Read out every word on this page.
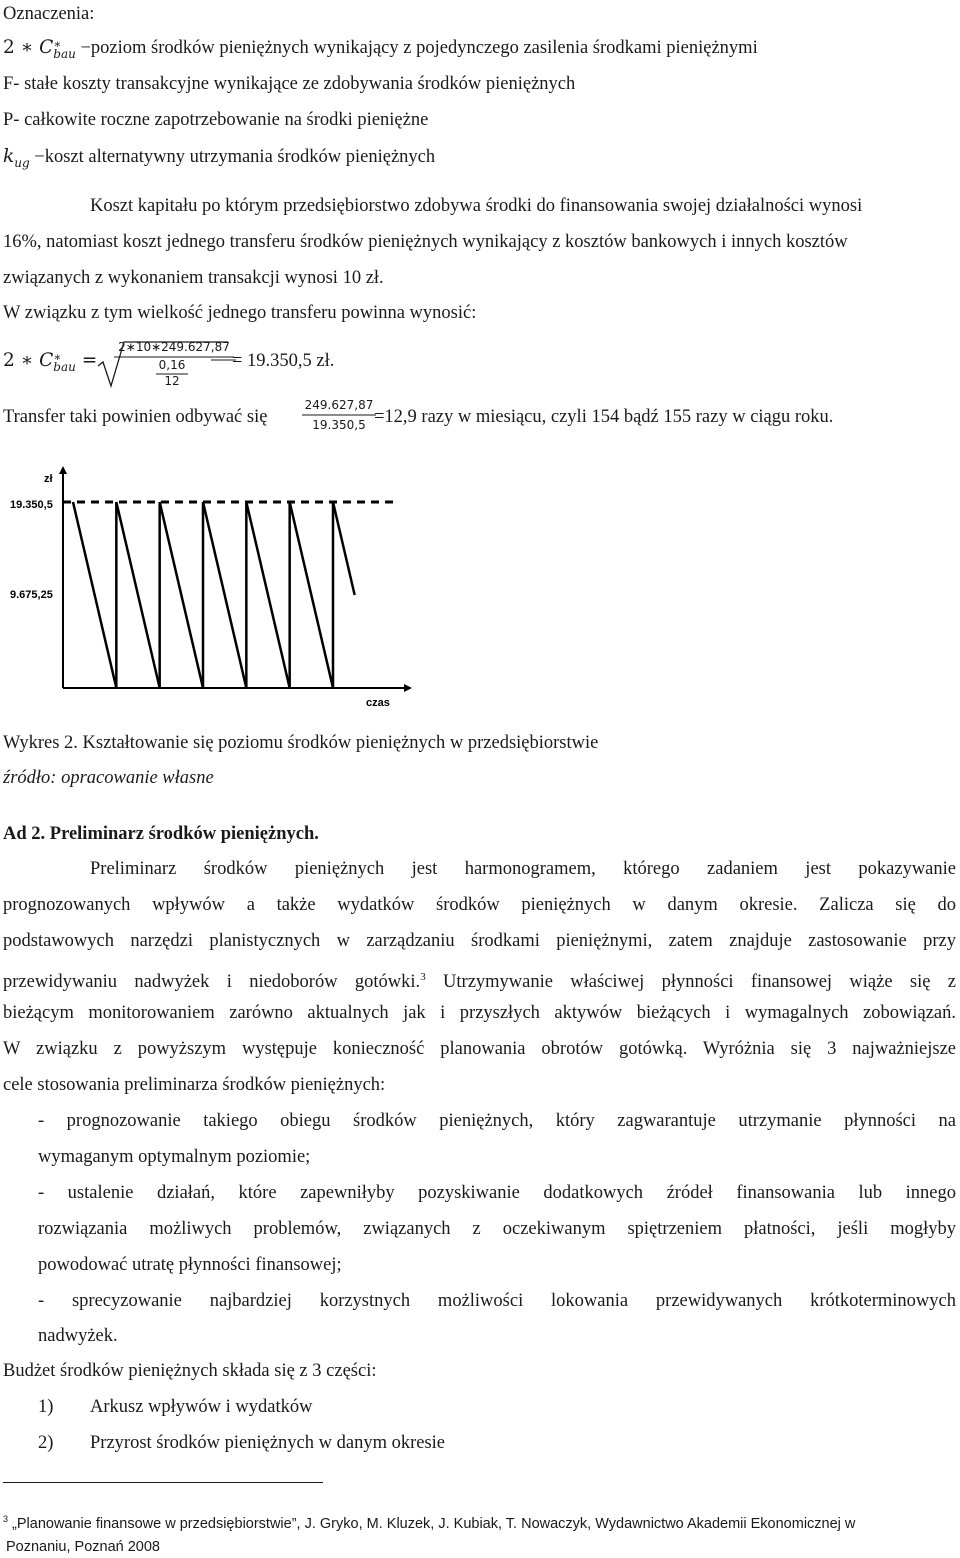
Oznaczenia:
2 ∗ C ∗
bau −poziom środków pieniężnych wynikający z pojedynczego zasilenia środkami pieniężnymi
F- stałe koszty transakcyjne wynikające ze zdobywania środków pieniężnych
P- całkowite roczne zapotrzebowanie na środki pieniężne
$k_{ug}$ −koszt alternatywny utrzymania środków pieniężnych
Koszt kapitału po którym przedsiębiorstwo zdobywa środki do finansowania swojej działalności wynosi
16%, natomiast koszt jednego transferu środków pieniężnych wynikający z kosztów bankowych i innych kosztów
związanych z wykonaniem transakcji wynosi 10 zł.
W związku z tym wielkość jednego transferu powinna wynosić:
2 ∗ C ∗
bau =
2∗10∗249.627,87
0,16
12
= 19.350,5 zł.
Transfer taki powinien odbywać się
249.627,87
19.350,5 =12,9 razy w miesiącu, czyli 154 bądź 155 razy w ciągu roku.
zł
19.350,5
9.675,25
czas
Wykres 2. Kształtowanie się poziomu środków pieniężnych w przedsiębiorstwie
źródło: opracowanie własne
Ad 2. Preliminarz środków pieniężnych.
Preliminarz środków pieniężnych jest harmonogramem, którego zadaniem jest pokazywanie
prognozowanych wpływów a także wydatków środków pieniężnych w danym okresie. Zalicza się do
podstawowych narzędzi planistycznych w zarządzaniu środkami pieniężnymi, zatem znajduje zastosowanie przy
przewidywaniu nadwyżek i niedoborów gotówki.$^3$ Utrzymywanie właściwej płynności finansowej wiąże się z
bieżącym monitorowaniem zarówno aktualnych jak i przyszłych aktywów bieżących i wymagalnych zobowiązań.
W związku z powyższym występuje konieczność planowania obrotów gotówką. Wyróżnia się 3 najważniejsze
cele stosowania preliminarza środków pieniężnych:
- prognozowanie takiego obiegu środków pieniężnych, który zagwarantuje utrzymanie płynności na
wymaganym optymalnym poziomie;
- ustalenie działań, które zapewniłyby pozyskiwanie dodatkowych źródeł finansowania lub innego
rozwiązania możliwych problemów, związanych z oczekiwanym spiętrzeniem płatności, jeśli mogłyby
powodować utratę płynności finansowej;
- sprecyzowanie najbardziej korzystnych możliwości lokowania przewidywanych krótkoterminowych
nadwyżek.
Budżet środków pieniężnych składa się z 3 części:
1) Arkusz wpływów i wydatków
2) Przyrost środków pieniężnych w danym okresie
$^3$ „Planowanie finansowe w przedsiębiorstwie”, J. Gryko, M. Kluzek, J. Kubiak, T. Nowaczyk, Wydawnictwo Akademii Ekonomicznej w
Poznaniu, Poznań 2008
